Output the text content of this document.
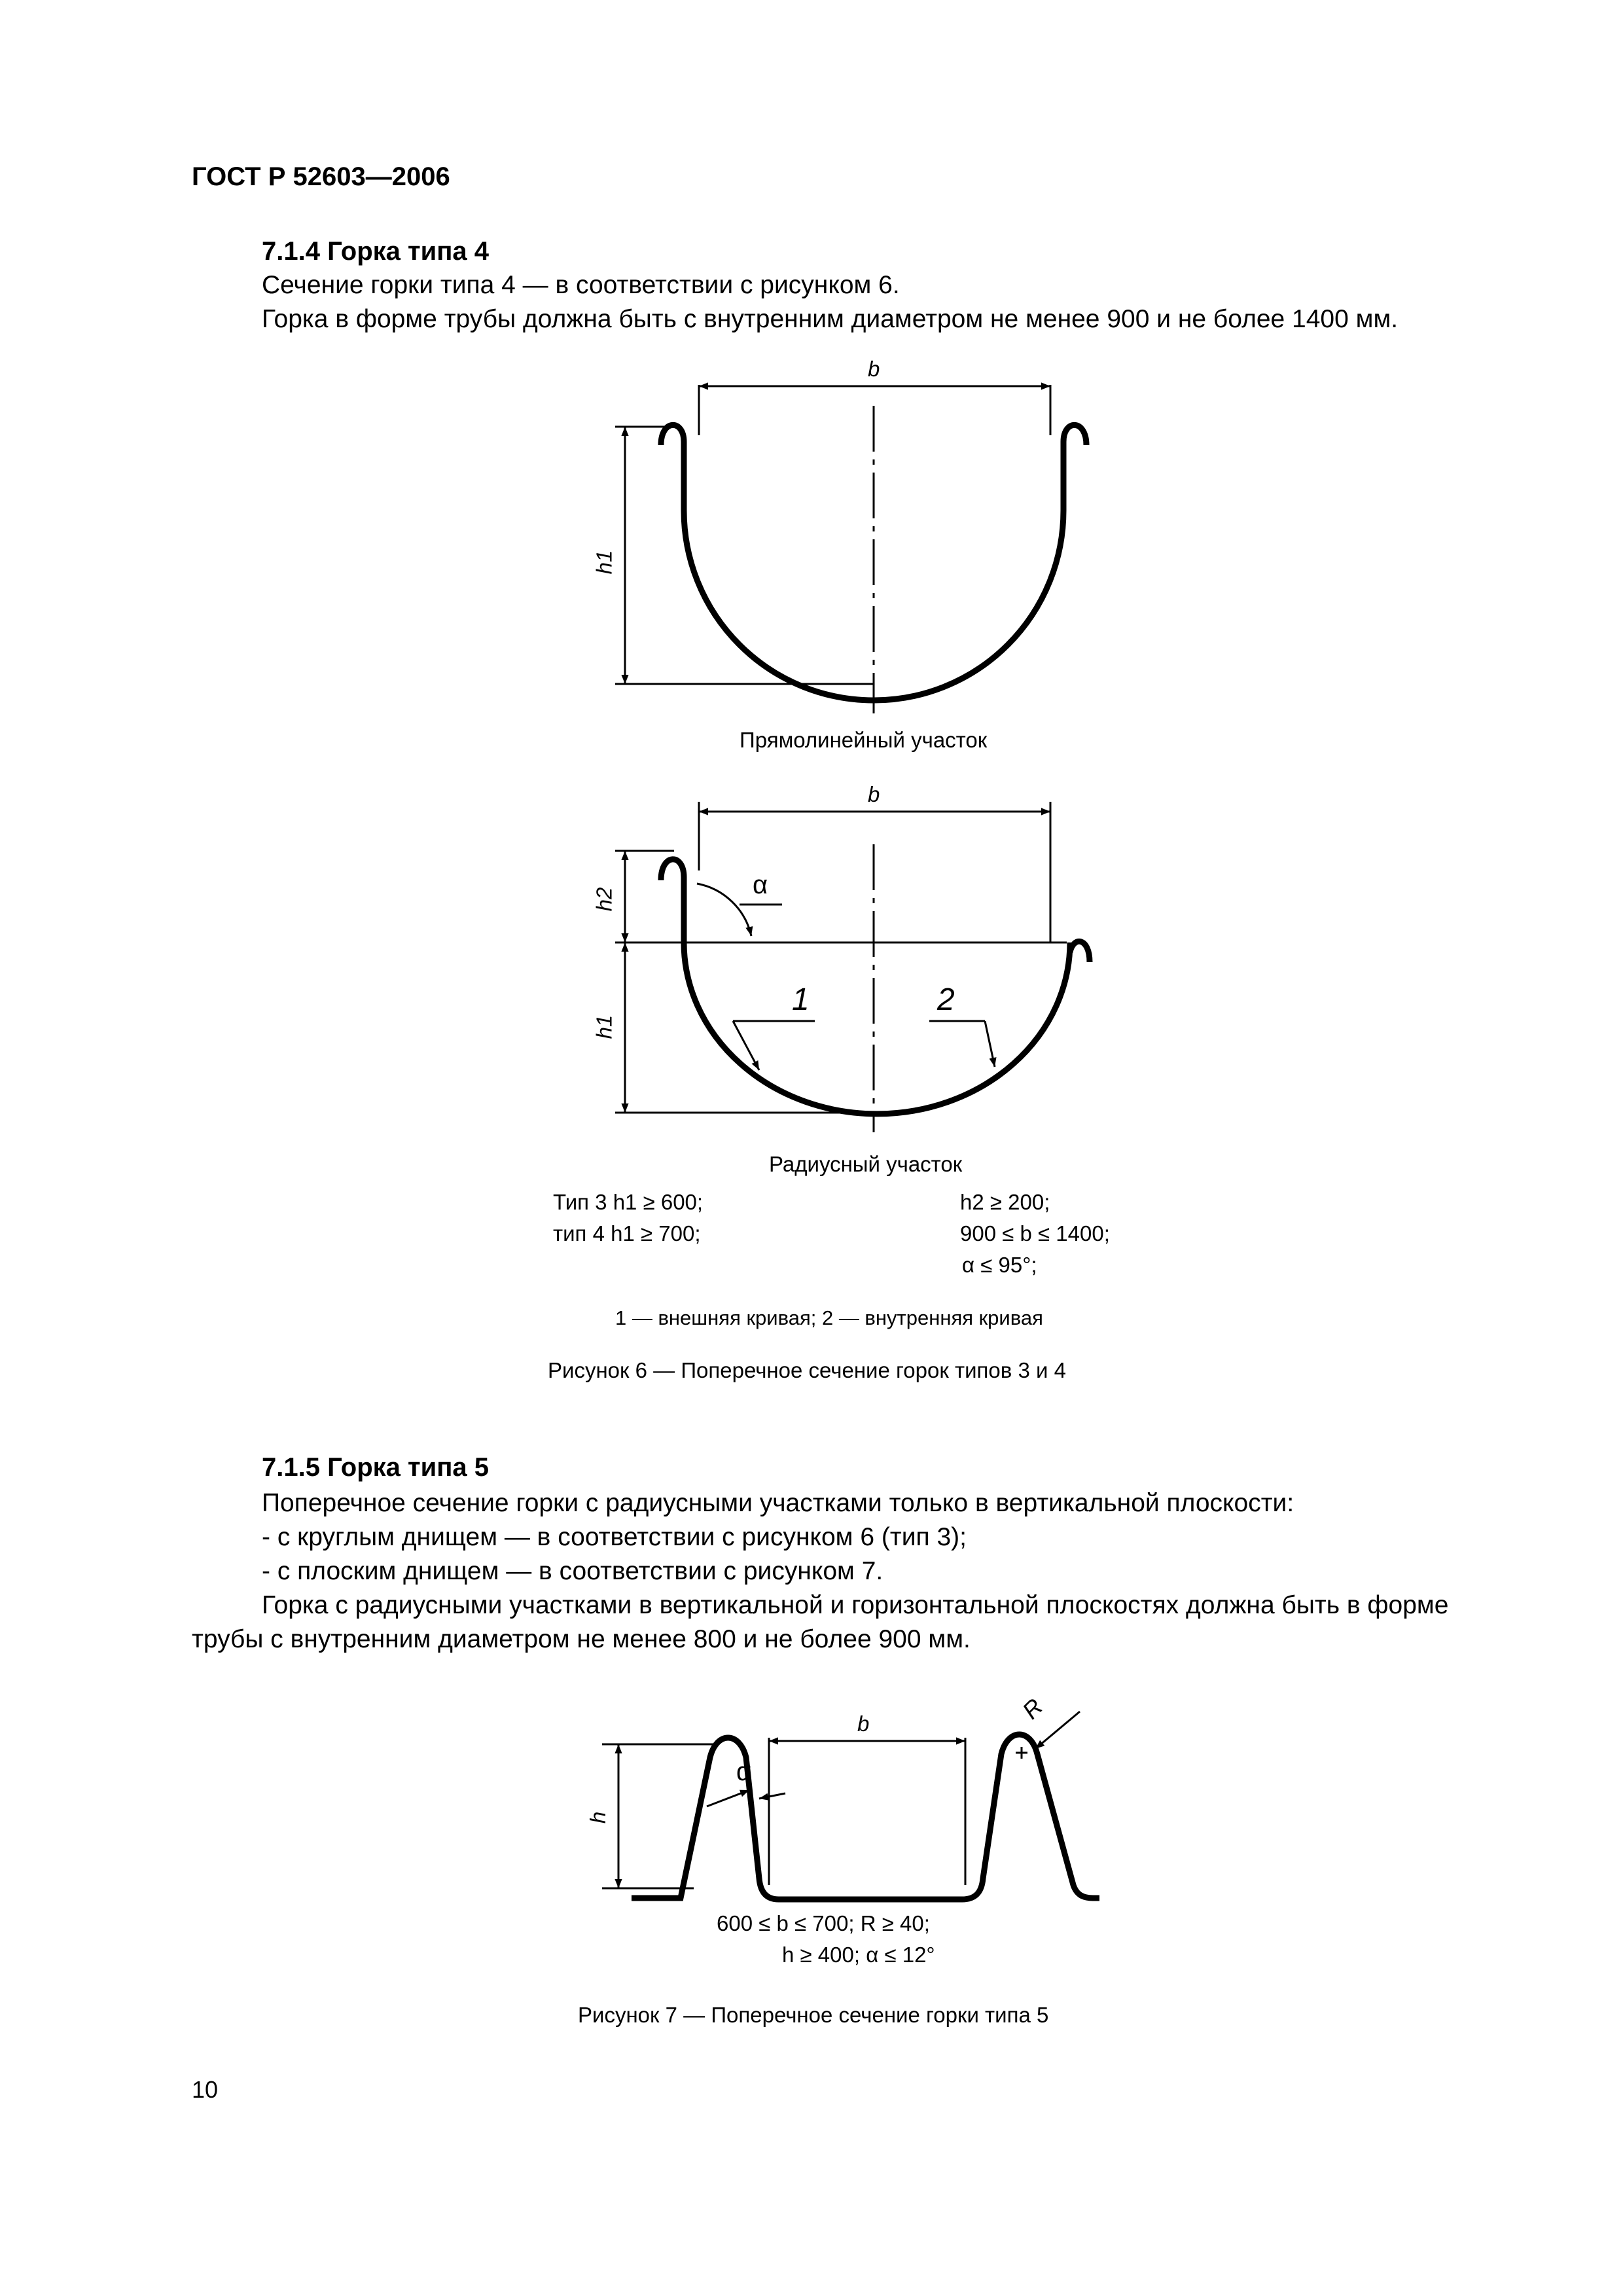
ГОСТ Р 52603—2006
7.1.4 Горка типа 4
Сечение горки типа 4 — в соответствии с рисунком 6.
Горка в форме трубы должна быть с внутренним диаметром не менее 900 и не более 1400 мм.
b
h1
Прямолинейный участок
b
h2
h1
α
1	2
Радиусный участок
Тип 3 h1 ≥ 600;
тип 4 h1 ≥ 700;
h2 ≥ 200;
900 ≤ b ≤ 1400;
α ≤ 95°;
1 — внешняя кривая; 2 — внутренняя кривая
Рисунок 6 — Поперечное сечение горок типов 3 и 4
7.1.5 Горка типа 5
Поперечное сечение горки с радиусными участками только в вертикальной плоскости:
- с круглым днищем — в соответствии с рисунком 6 (тип 3);
- с плоским днищем — в соответствии с рисунком 7.
Горка с радиусными участками в вертикальной и горизонтальной плоскостях должна быть в форме
трубы с внутренним диаметром не менее 800 и не более 900 мм.
b
h
α
R
600 ≤ b ≤ 700; R ≥ 40;
h ≥ 400; α ≤ 12°
Рисунок 7 — Поперечное сечение горки типа 5
10
